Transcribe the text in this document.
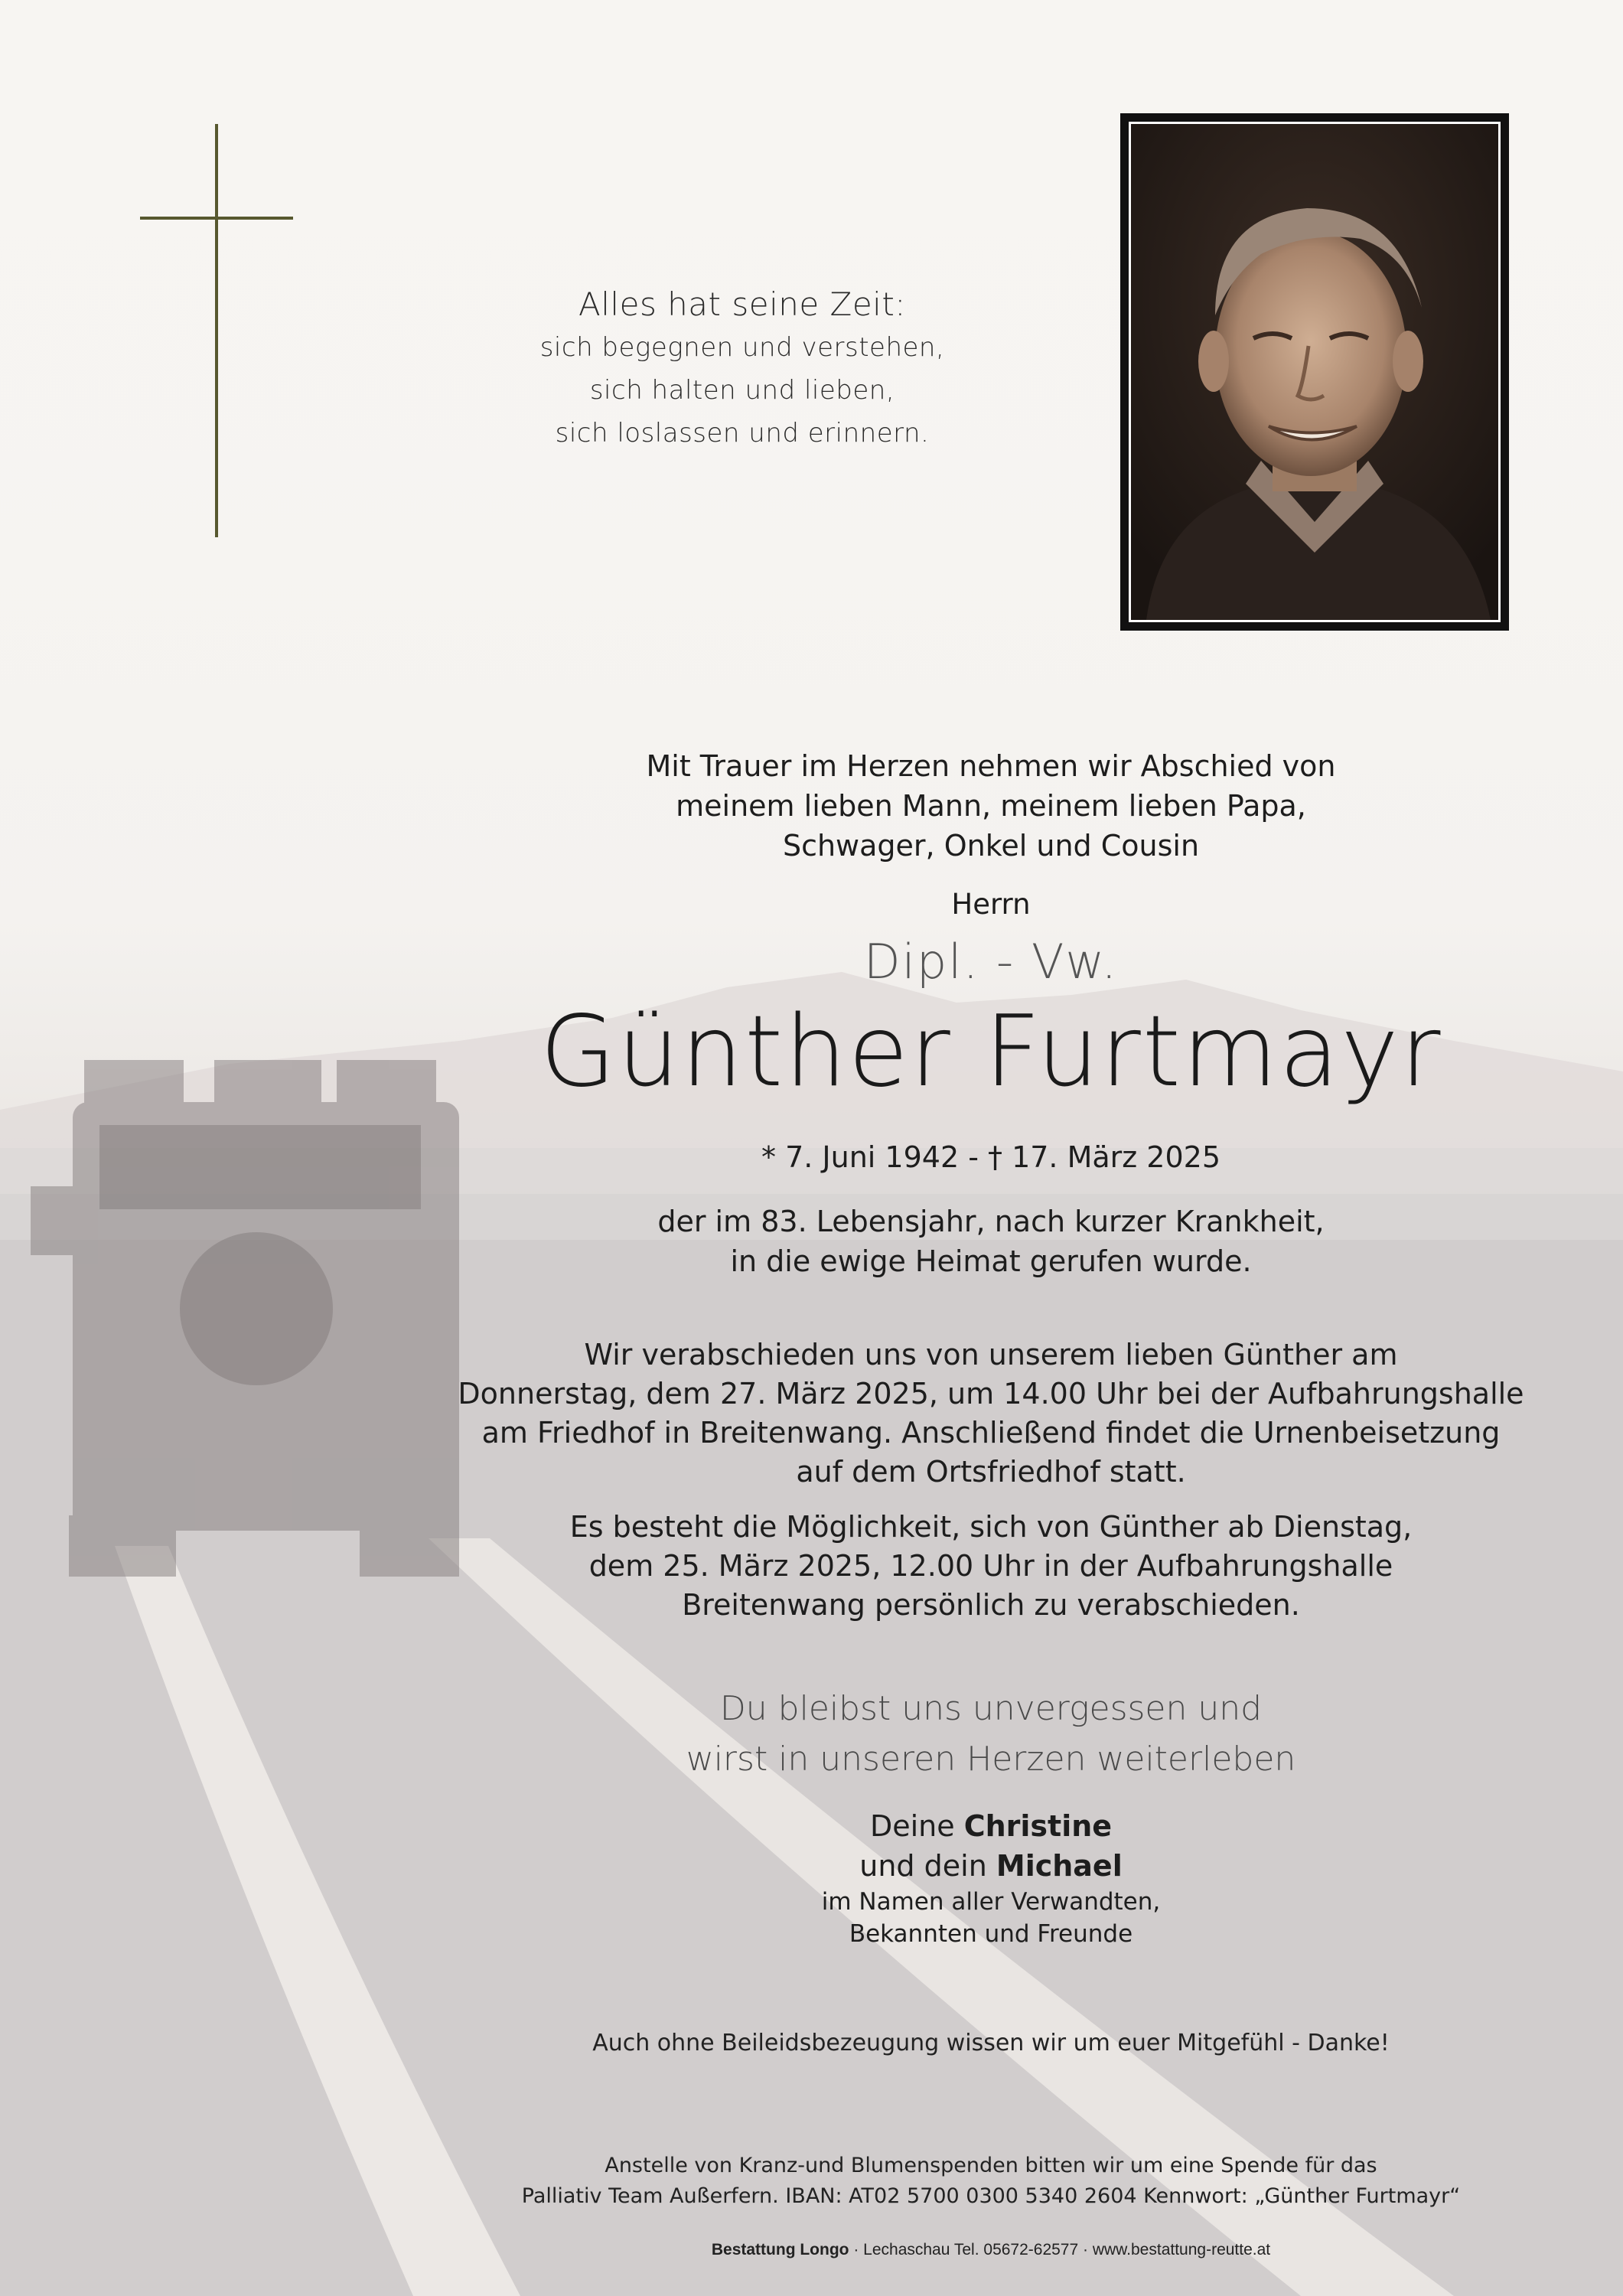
Alles hat seine Zeit:
sich begegnen und verstehen,
sich halten und lieben,
sich loslassen und erinnern.
Mit Trauer im Herzen nehmen wir Abschied von
meinem lieben Mann, meinem lieben Papa,
Schwager, Onkel und Cousin
Herrn
Dipl. - Vw.
Günther Furtmayr
* 7. Juni 1942 - † 17. März 2025
der im 83. Lebensjahr, nach kurzer Krankheit,
in die ewige Heimat gerufen wurde.
Wir verabschieden uns von unserem lieben Günther am
Donnerstag, dem 27. März 2025, um 14.00 Uhr bei der Aufbahrungshalle
am Friedhof in Breitenwang. Anschließend findet die Urnenbeisetzung
auf dem Ortsfriedhof statt.
Es besteht die Möglichkeit, sich von Günther ab Dienstag,
dem 25. März 2025, 12.00 Uhr in der Aufbahrungshalle
Breitenwang persönlich zu verabschieden.
Du bleibst uns unvergessen und
wirst in unseren Herzen weiterleben
Deine Christine
und dein Michael
im Namen aller Verwandten,
Bekannten und Freunde
Auch ohne Beileidsbezeugung wissen wir um euer Mitgefühl - Danke!
Anstelle von Kranz-und Blumenspenden bitten wir um eine Spende für das
Palliativ Team Außerfern. IBAN: AT02 5700 0300 5340 2604 Kennwort: „Günther Furtmayr“
Bestattung Longo · Lechaschau Tel. 05672-62577 · www.bestattung-reutte.at
